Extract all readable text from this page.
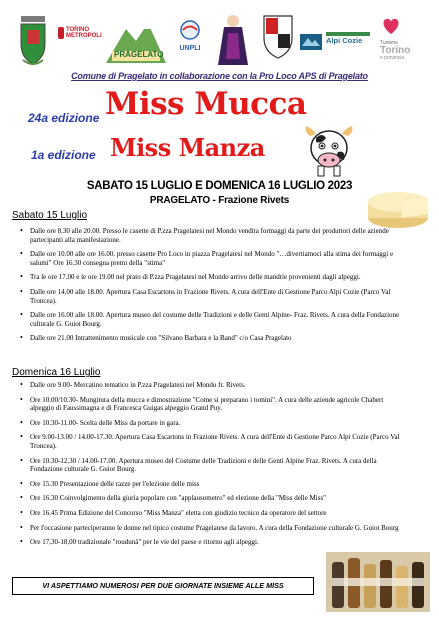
TORINO METROPOLI
PRAGELATO
UNPLI
Alpi Cozie	Turismo
Torino
e provincia
Comune di Pragelato in collaborazione con la Pro Loco APS di Pragelato
24a edizione Miss Mucca
1a edizione Miss Manza
SABATO 15 LUGLIO E DOMENICA 16 LUGLIO 2023
PRAGELATO - Frazione Rivets
Sabato 15 Luglio
• Dalle ore 8.30 alle 20.00. Presso le casette di P.zza Pragelatesi nel Mondo vendita formaggi da parte dei produttori delle aziende partecipanti alla manifestazione.
• Dalle ore 10.00 alle ore 16.00. presso casette Pro Loco in piazza Pragelatesi nel Mondo "…divertiamoci alla stima dei formaggi e salumi" Ore 16.30 consegna premi della "stima"
• Tra le ore 17.00 e le ore 19.00 nel prato di P.zza Pragelatesi nel Mondo arrivo delle mandrie provenienti dagli alpeggi.
• Dalle ore 14.00 alle 18.00. Apertura Casa Escartons in Frazione Rivets. A cura dell'Ente di Gestione Parco Alpi Cozie (Parco Val Troncea).
• Dalle ore 16.00 alle 18.00. Apertura museo del costume delle Tradizioni e delle Genti Alpine- Fraz. Rivets. A cura della Fondazione culturale G. Guiot Bourg.
• Dalle ore 21.00 Intrattenimento musicale con "Silvano Barbara e la Band" c/o Casa Pragelato
Domenica 16 Luglio
• Dalle ore 9.00- Mercatino tematico in P.zza Pragelatesi nel Mondo fr. Rivets.
• Ore 10.00/10.30- Mungitura della mucca e dimostrazione "Come si preparano i tomini". A cura delle aziende agricole Chabert alpeggio di Faussimagna e di Francesca Guigas alpeggio Grand Puy.
• Ore 10.30-11.00- Scelta delle Miss da portare in gara.
• Ore 9.00-13.00 / 14.00-17.30. Apertura Casa Escartons in Frazione Rivets. A cura dell'Ente di Gestione Parco Alpi Cozie (Parco Val Troncea).
• Ore 10.30-12.30 / 14.00-17.00. Apertura museo del Costume delle Tradizioni e delle Genti Alpine Fraz. Rivets. A cura della Fondazione culturale G. Guiot Bourg.
• Ore 15.30 Presentazione delle razze per l'elezione delle miss
• Ore 16.30 Coinvolgimento della giuria popolare con "applausometro" ed elezione della "Miss delle Miss"
• Ore 16.45 Prima Edizione del Concorso "Miss Manza" eletta con giudizio tecnico da operatore del settore
• Per l'occasione parteciperanno le donne nel tipico costume Pragelatese da lavoro. A cura della Fondazione culturale G. Guiot Bourg
• Ore 17,30-18,00 tradizionale "roudunà" per le vie del paese e ritorno agli alpeggi.
VI ASPETTIAMO NUMEROSI PER DUE GIORNATE INSIEME ALLE MISS
